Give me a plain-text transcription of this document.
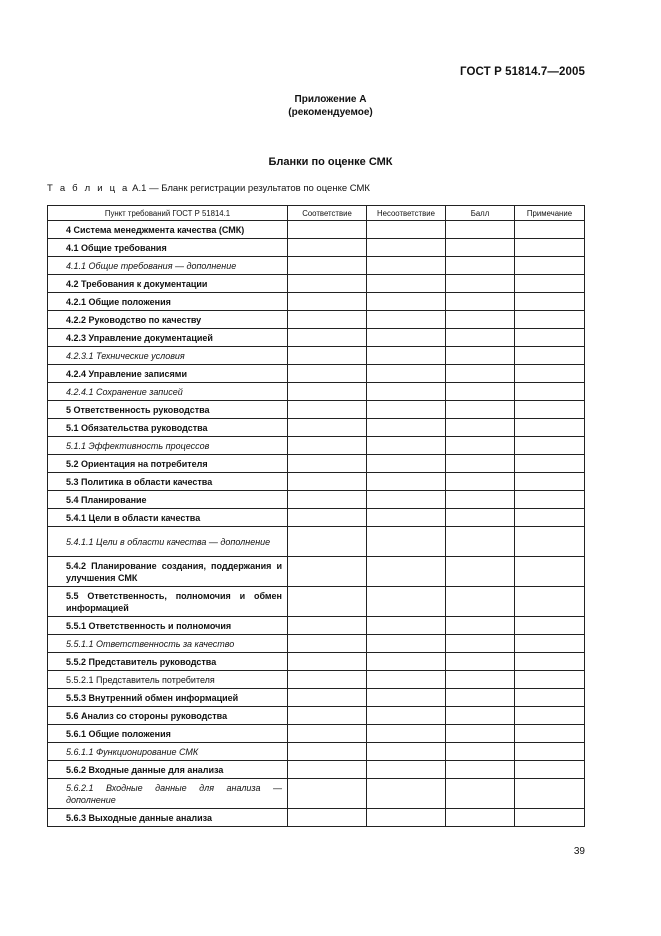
ГОСТ Р 51814.7—2005
Приложение А
(рекомендуемое)
Бланки по оценке СМК
Т а б л и ц а А.1 — Бланк регистрации результатов по оценке СМК
Пункт требований ГОСТ Р 51814.1	Соответствие	Несоответствие	Балл	Примечание
4 Система менеджмента качества (СМК)				
4.1 Общие требования				
4.1.1 Общие требования — дополнение				
4.2 Требования к документации				
4.2.1 Общие положения				
4.2.2 Руководство по качеству				
4.2.3 Управление документацией				
4.2.3.1 Технические условия				
4.2.4 Управление записями				
4.2.4.1 Сохранение записей				
5 Ответственность руководства				
5.1 Обязательства руководства				
5.1.1 Эффективность процессов				
5.2 Ориентация на потребителя				
5.3 Политика в области качества				
5.4 Планирование				
5.4.1 Цели в области качества				
5.4.1.1 Цели в области качества — дополнение				
5.4.2 Планирование создания, поддержания и улучшения СМК				
5.5 Ответственность, полномочия и обмен информацией				
5.5.1 Ответственность и полномочия				
5.5.1.1 Ответственность за качество				
5.5.2 Представитель руководства				
5.5.2.1 Представитель потребителя				
5.5.3 Внутренний обмен информацией				
5.6 Анализ со стороны руководства				
5.6.1 Общие положения				
5.6.1.1 Функционирование СМК				
5.6.2 Входные данные для анализа				
5.6.2.1 Входные данные для анализа — дополнение				
5.6.3 Выходные данные анализа				
39
